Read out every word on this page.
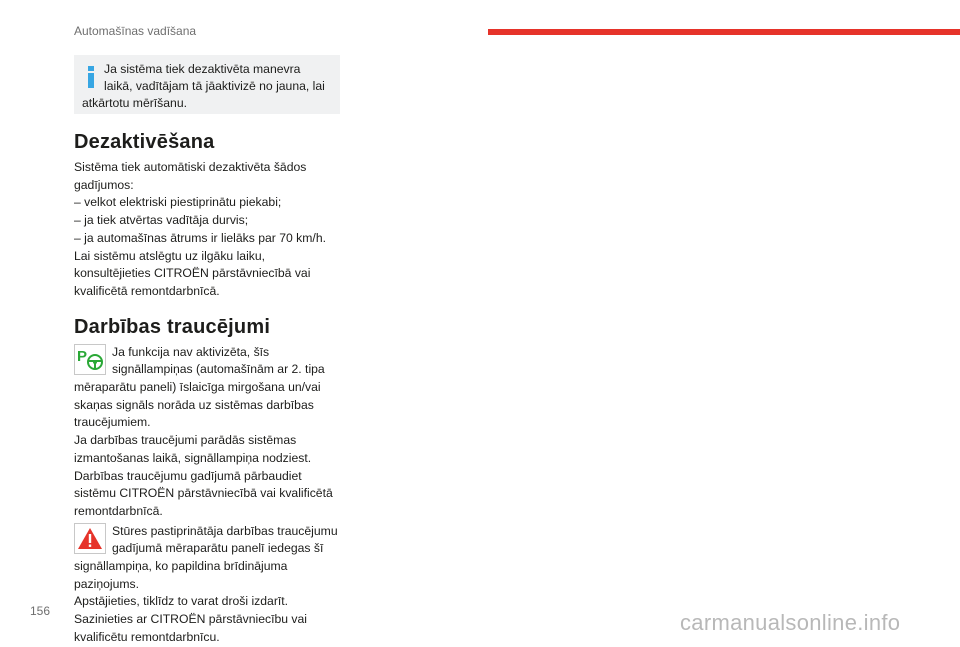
Automašīnas vadīšana
Ja sistēma tiek dezaktivēta manevra
laikā, vadītājam tā jāaktivizē no jauna, lai
atkārtotu mērīšanu.
Dezaktivēšana

Sistēma tiek automātiski dezaktivēta šādos

gadījumos:

– velkot elektriski piestiprinātu piekabi;

– ja tiek atvērtas vadītāja durvis;

– ja automašīnas ātrums ir lielāks par 70 km/h.

Lai sistēmu atslēgtu uz ilgāku laiku,

konsultējieties CITROËN pārstāvniecībā vai

kvalificētā remontdarbnīcā.

Darbības traucējumi
P Ja funkcija nav aktivizēta, šīs

signāllampiņas (automašīnām ar 2. tipa

mēraparātu paneli) īslaicīga mirgošana un/vai

skaņas signāls norāda uz sistēmas darbības

traucējumiem.

Ja darbības traucējumi parādās sistēmas

izmantošanas laikā, signāllampiņa nodziest.

Darbības traucējumu gadījumā pārbaudiet

sistēmu CITROËN pārstāvniecībā vai kvalificētā

remontdarbnīcā.

Stūres pastiprinātāja darbības traucējumu

gadījumā mēraparātu panelī iedegas šī

signāllampiņa, ko papildina brīdinājuma

paziņojums.

Apstājieties, tiklīdz to varat droši izdarīt.

Sazinieties ar CITROËN pārstāvniecību vai

kvalificētu remontdarbnīcu.

156	carmanualsonline.info
